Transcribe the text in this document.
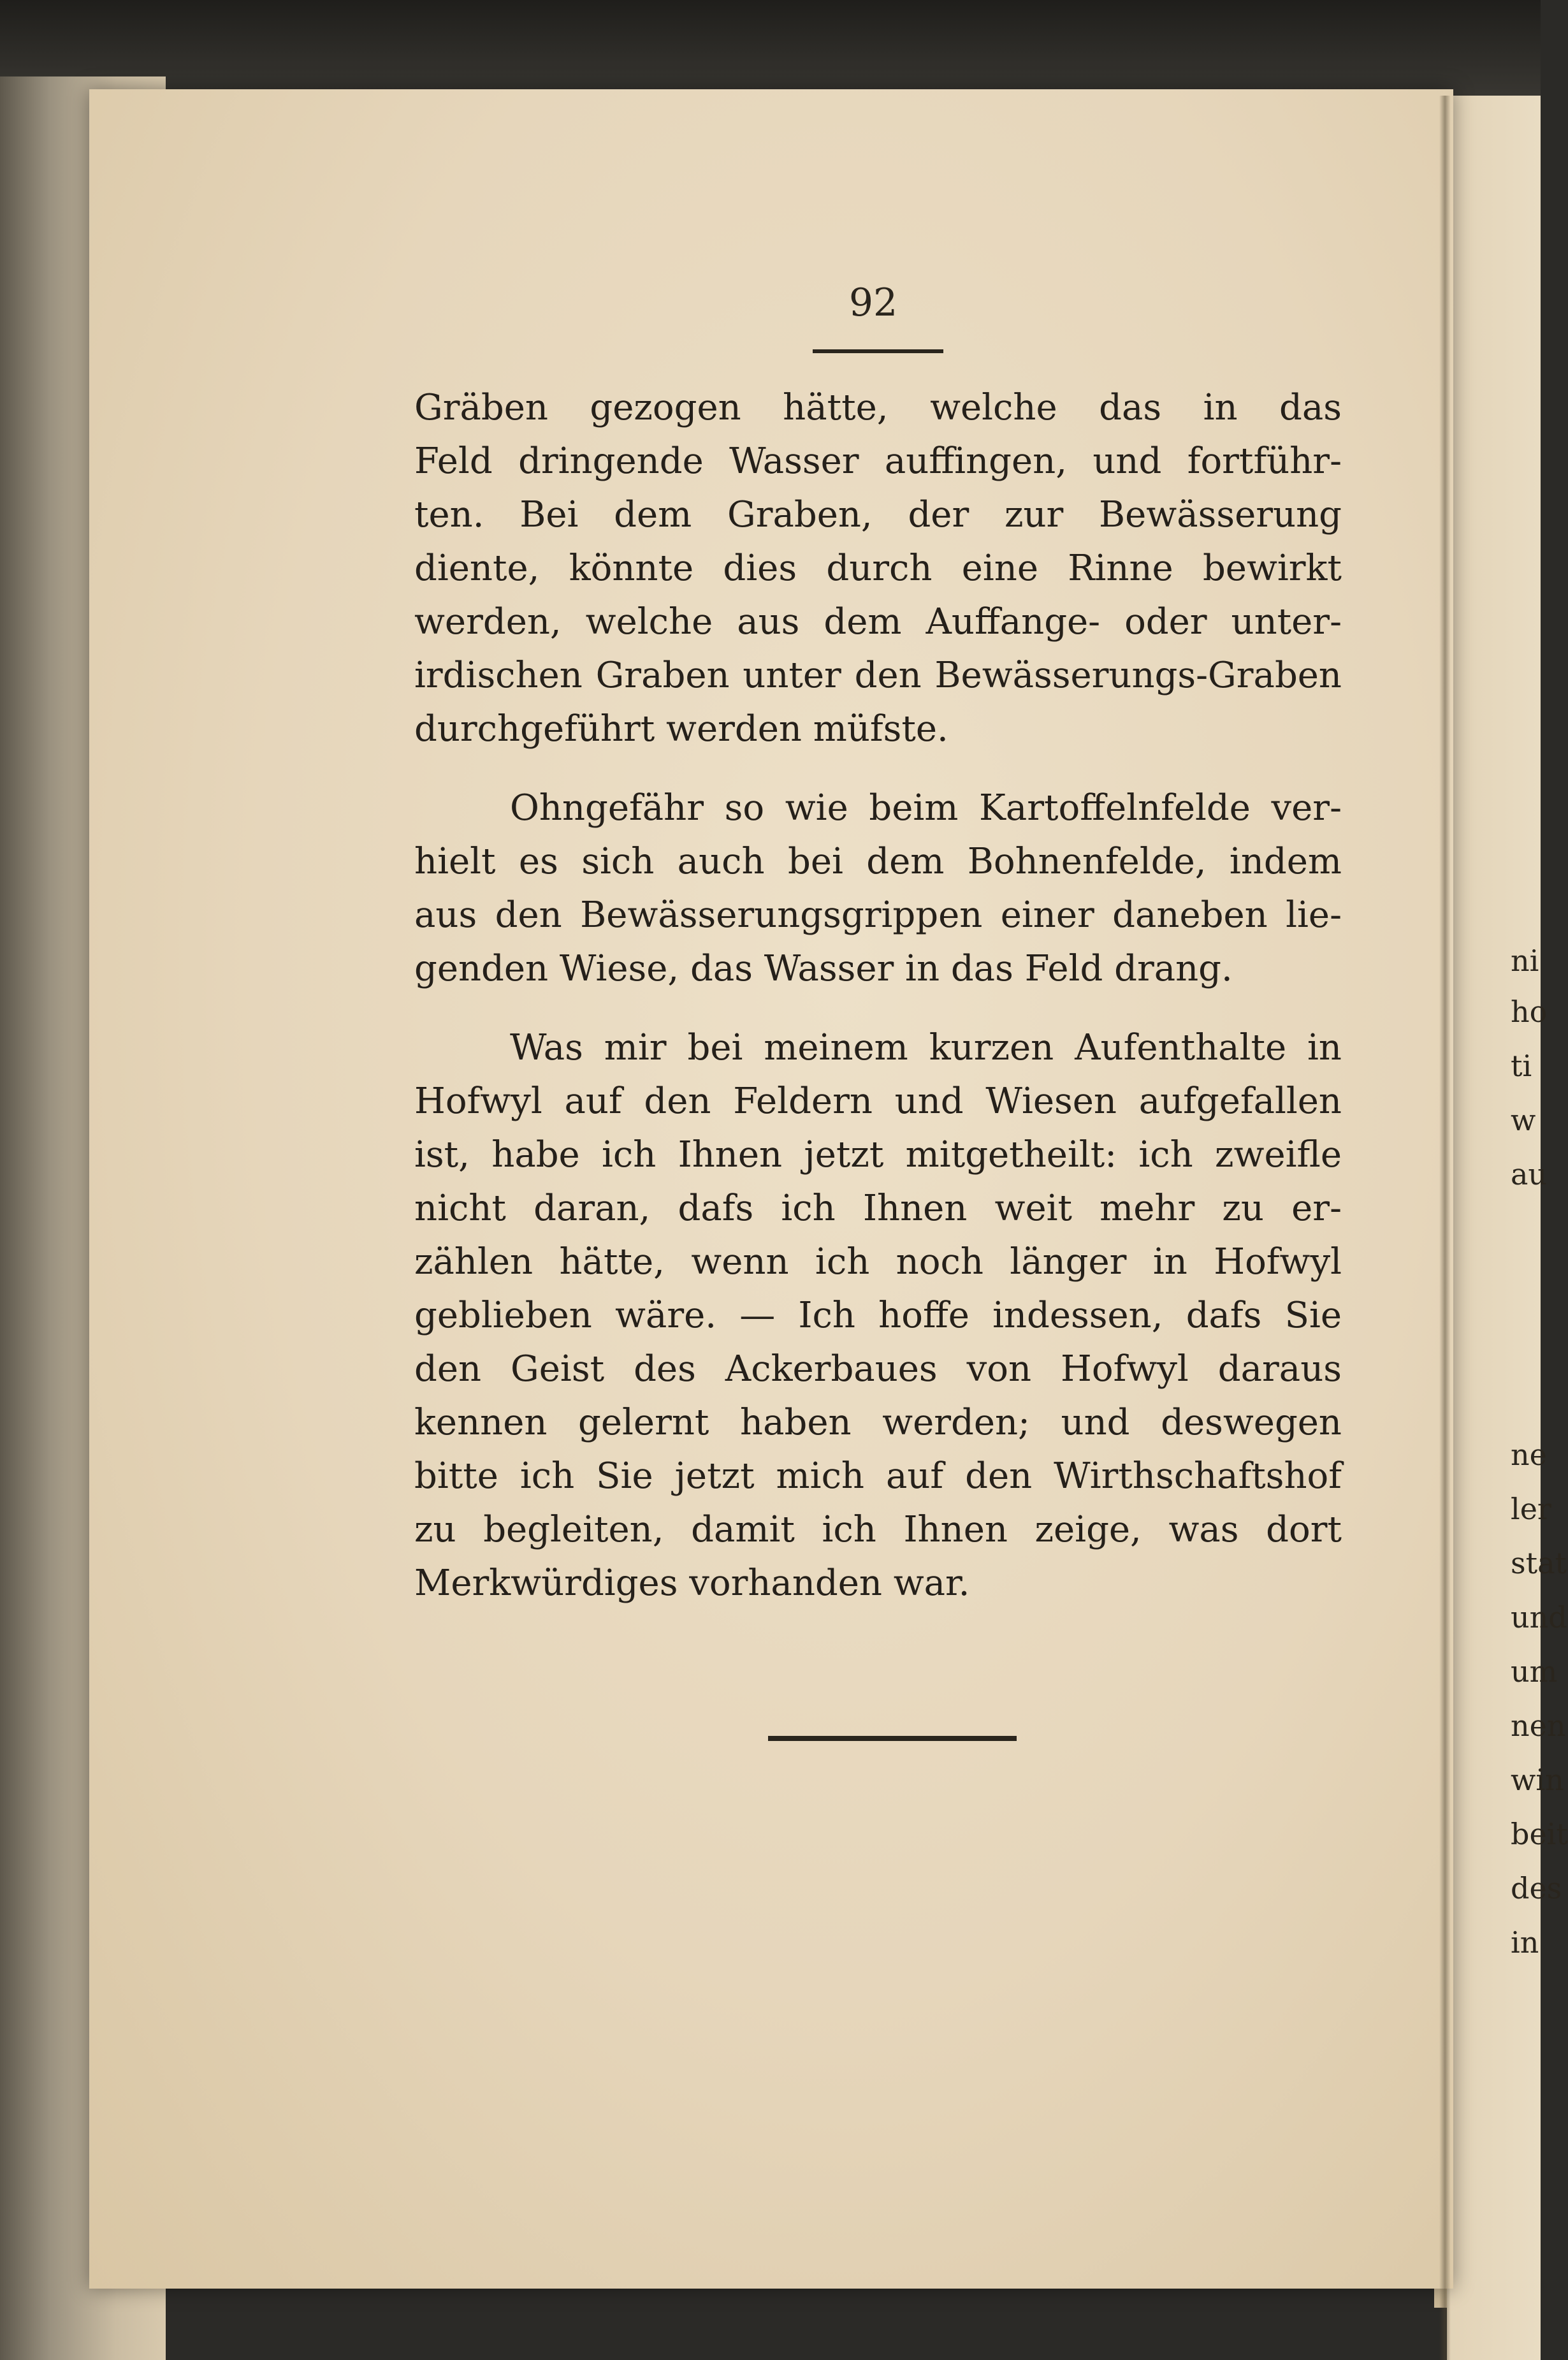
92
Gräben gezogen hätte, welche das in das
Feld dringende Wasser auffingen, und fortführ-
ten. Bei dem Graben, der zur Bewässerung
diente, könnte dies durch eine Rinne bewirkt
werden, welche aus dem Auffange- oder unter-
irdischen Graben unter den Bewässerungs-Graben
durchgeführt werden müfste.
Ohngefähr so wie beim Kartoffelnfelde ver-
hielt es sich auch bei dem Bohnenfelde, indem
aus den Bewässerungsgrippen einer daneben lie-
genden Wiese, das Wasser in das Feld drang.
Was mir bei meinem kurzen Aufenthalte in
Hofwyl auf den Feldern und Wiesen aufgefallen
ist, habe ich Ihnen jetzt mitgetheilt: ich zweifle
nicht daran, dafs ich Ihnen weit mehr zu er-
zählen hätte, wenn ich noch länger in Hofwyl
geblieben wäre. — Ich hoffe indessen, dafs Sie
den Geist des Ackerbaues von Hofwyl daraus
kennen gelernt haben werden; und deswegen
bitte ich Sie jetzt mich auf den Wirthschaftshof
zu begleiten, damit ich Ihnen zeige, was dort
Merkwürdiges vorhanden war.
ni
ho
ti
w
au
ne
ler
stat
und
um
nen
win
beit
des
in
